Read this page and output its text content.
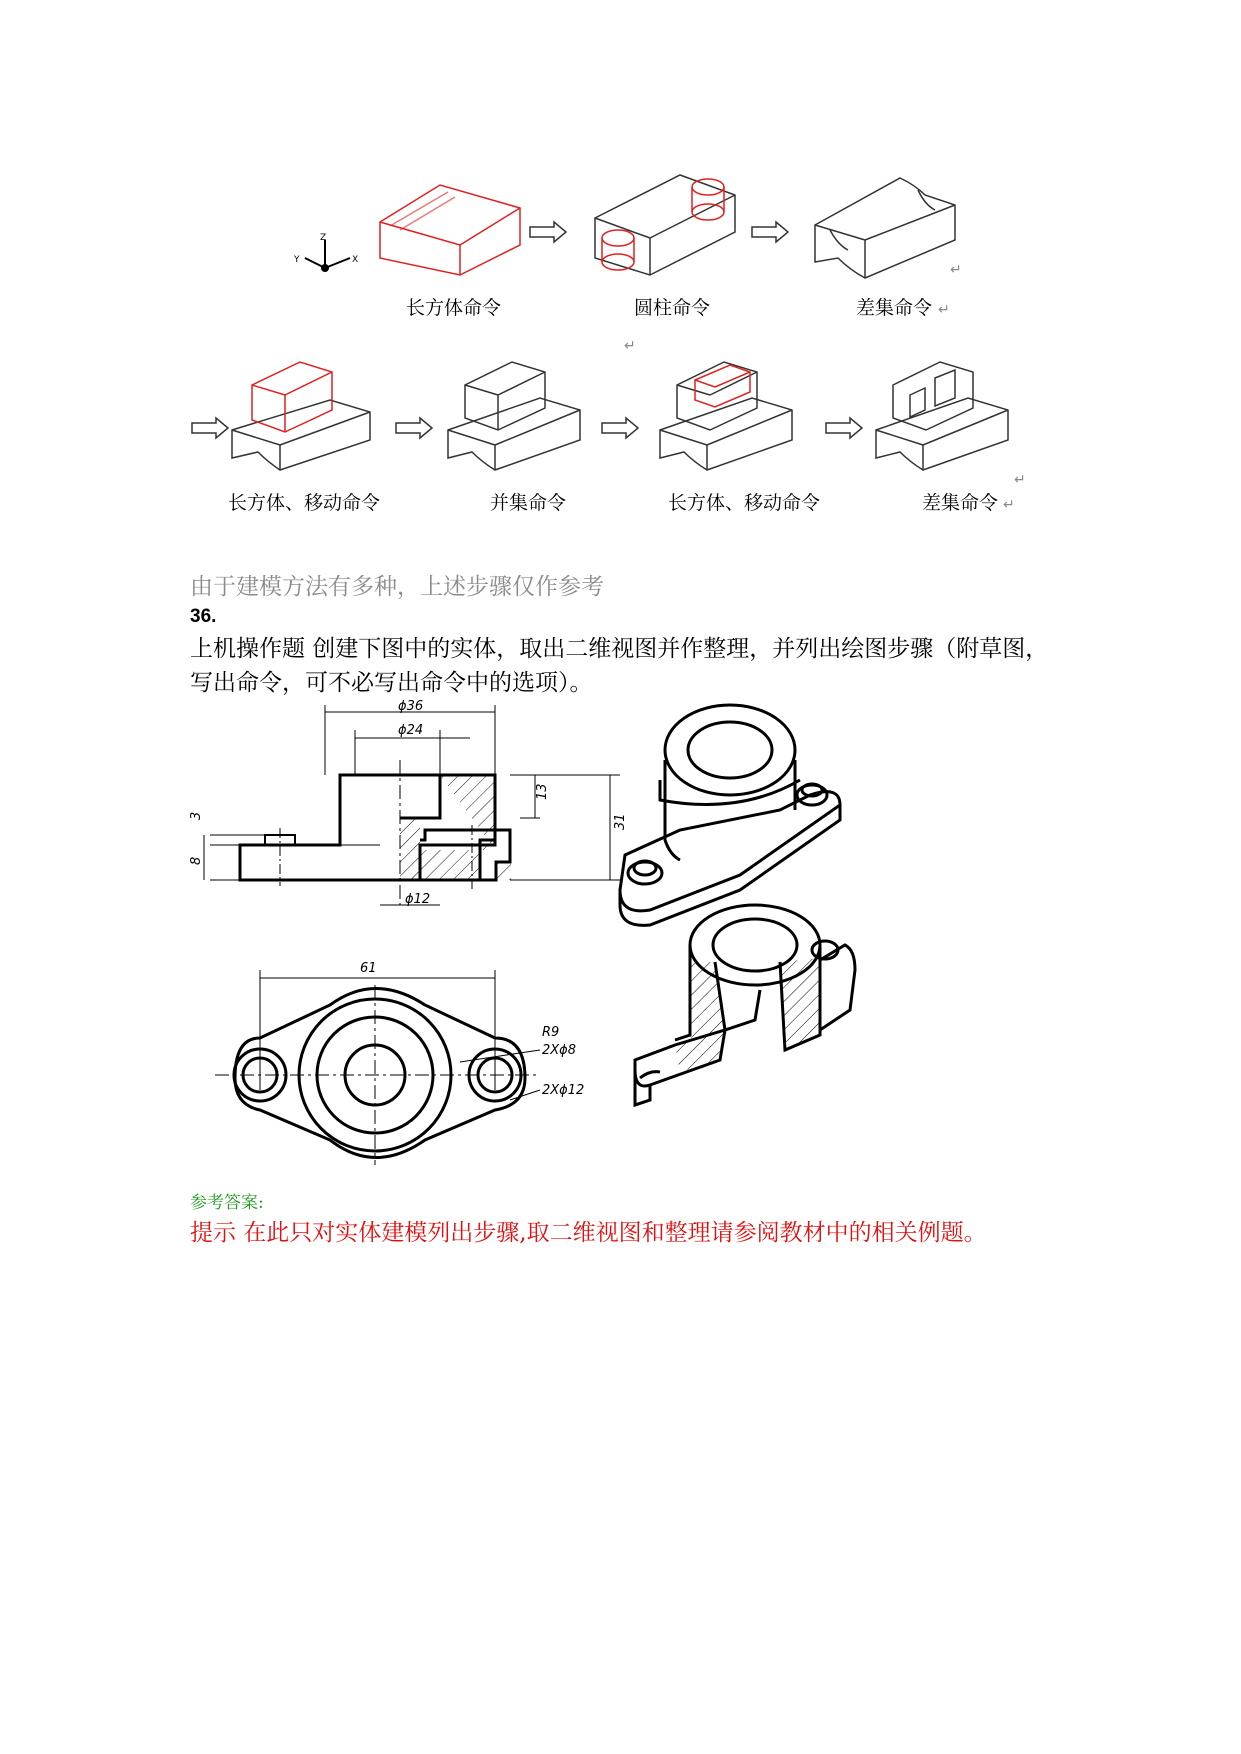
Z
X
Y
↵
长方体命令	圆柱命令	差集命令 ↵
↵
长方体、移动命令	并集命令	长方体、移动命令	差集命令 ↵
↵
由于建模方法有多种，上述步骤仅作参考
36.
上机操作题 创建下图中的实体，取出二维视图并作整理，并列出绘图步骤（附草图，写出命令，可不必写出命令中的选项）。
ϕ36
ϕ24
13
31
3
8
ϕ12
61
R9
2Xϕ8
2Xϕ12
参考答案:
提示 在此只对实体建模列出步骤,取二维视图和整理请参阅教材中的相关例题。
